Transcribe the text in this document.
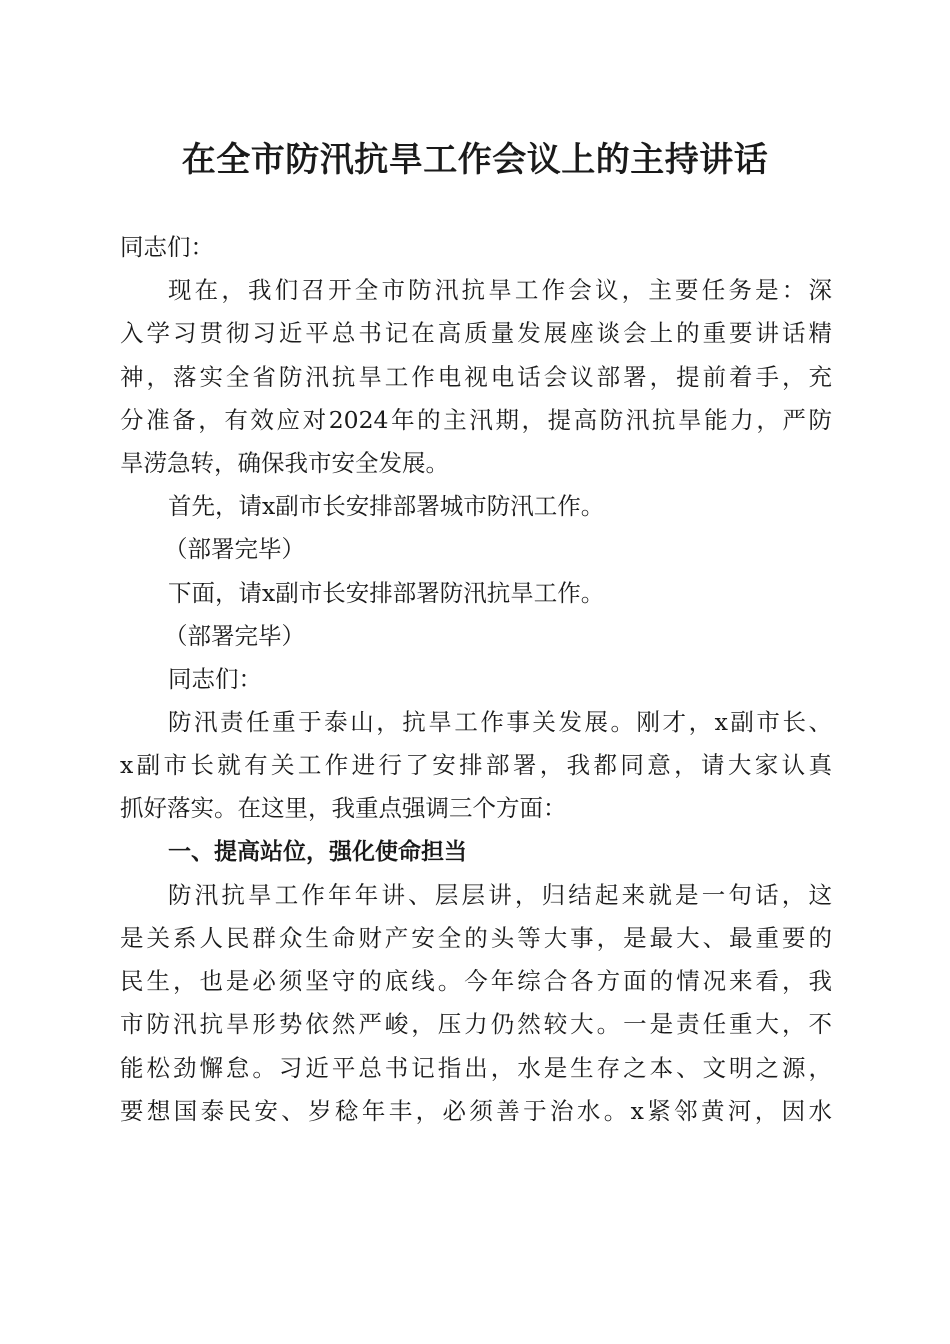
在全市防汛抗旱工作会议上的主持讲话
同志们：
现在，我们召开全市防汛抗旱工作会议，主要任务是：深
入学习贯彻习近平总书记在高质量发展座谈会上的重要讲话精
神，落实全省防汛抗旱工作电视电话会议部署，提前着手，充
分准备，有效应对2024年的主汛期，提高防汛抗旱能力，严防
旱涝急转，确保我市安全发展。
首先，请x副市长安排部署城市防汛工作。
（部署完毕）
下面，请x副市长安排部署防汛抗旱工作。
（部署完毕）
同志们：
防汛责任重于泰山，抗旱工作事关发展。刚才，x副市长、
x副市长就有关工作进行了安排部署，我都同意，请大家认真
抓好落实。在这里，我重点强调三个方面：
一、提高站位，强化使命担当
防汛抗旱工作年年讲、层层讲，归结起来就是一句话，这
是关系人民群众生命财产安全的头等大事，是最大、最重要的
民生，也是必须坚守的底线。今年综合各方面的情况来看，我
市防汛抗旱形势依然严峻，压力仍然较大。一是责任重大，不
能松劲懈怠。习近平总书记指出，水是生存之本、文明之源，
要想国泰民安、岁稔年丰，必须善于治水。x紧邻黄河，因水
